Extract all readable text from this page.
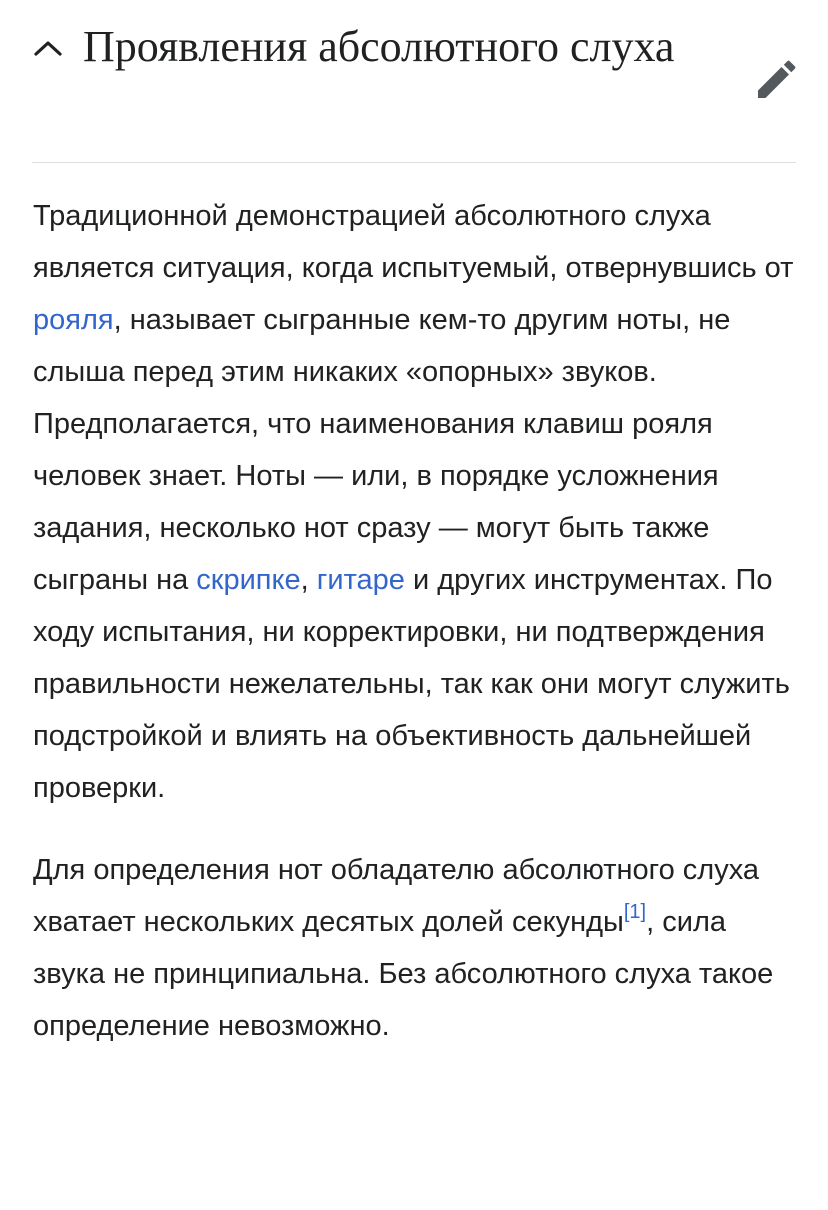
Проявления абсолютного слуха

Традиционной демонстрацией абсолютного слуха является ситуация, когда испытуемый, отвернувшись от рояля, называет сыгранные кем-то другим ноты, не слыша перед этим никаких «опорных» звуков. Предполагается, что наименования клавиш рояля человек знает. Ноты — или, в порядке усложнения задания, несколько нот сразу — могут быть также сыграны на скрипке, гитаре и других инструментах. По ходу испытания, ни корректировки, ни подтверждения правильности нежелательны, так как они могут служить подстройкой и влиять на объективность дальнейшей проверки.

Для определения нот обладателю абсолютного слуха хватает нескольких десятых долей секунды[1], сила звука не принципиальна. Без абсолютного слуха такое определение невозможно.
